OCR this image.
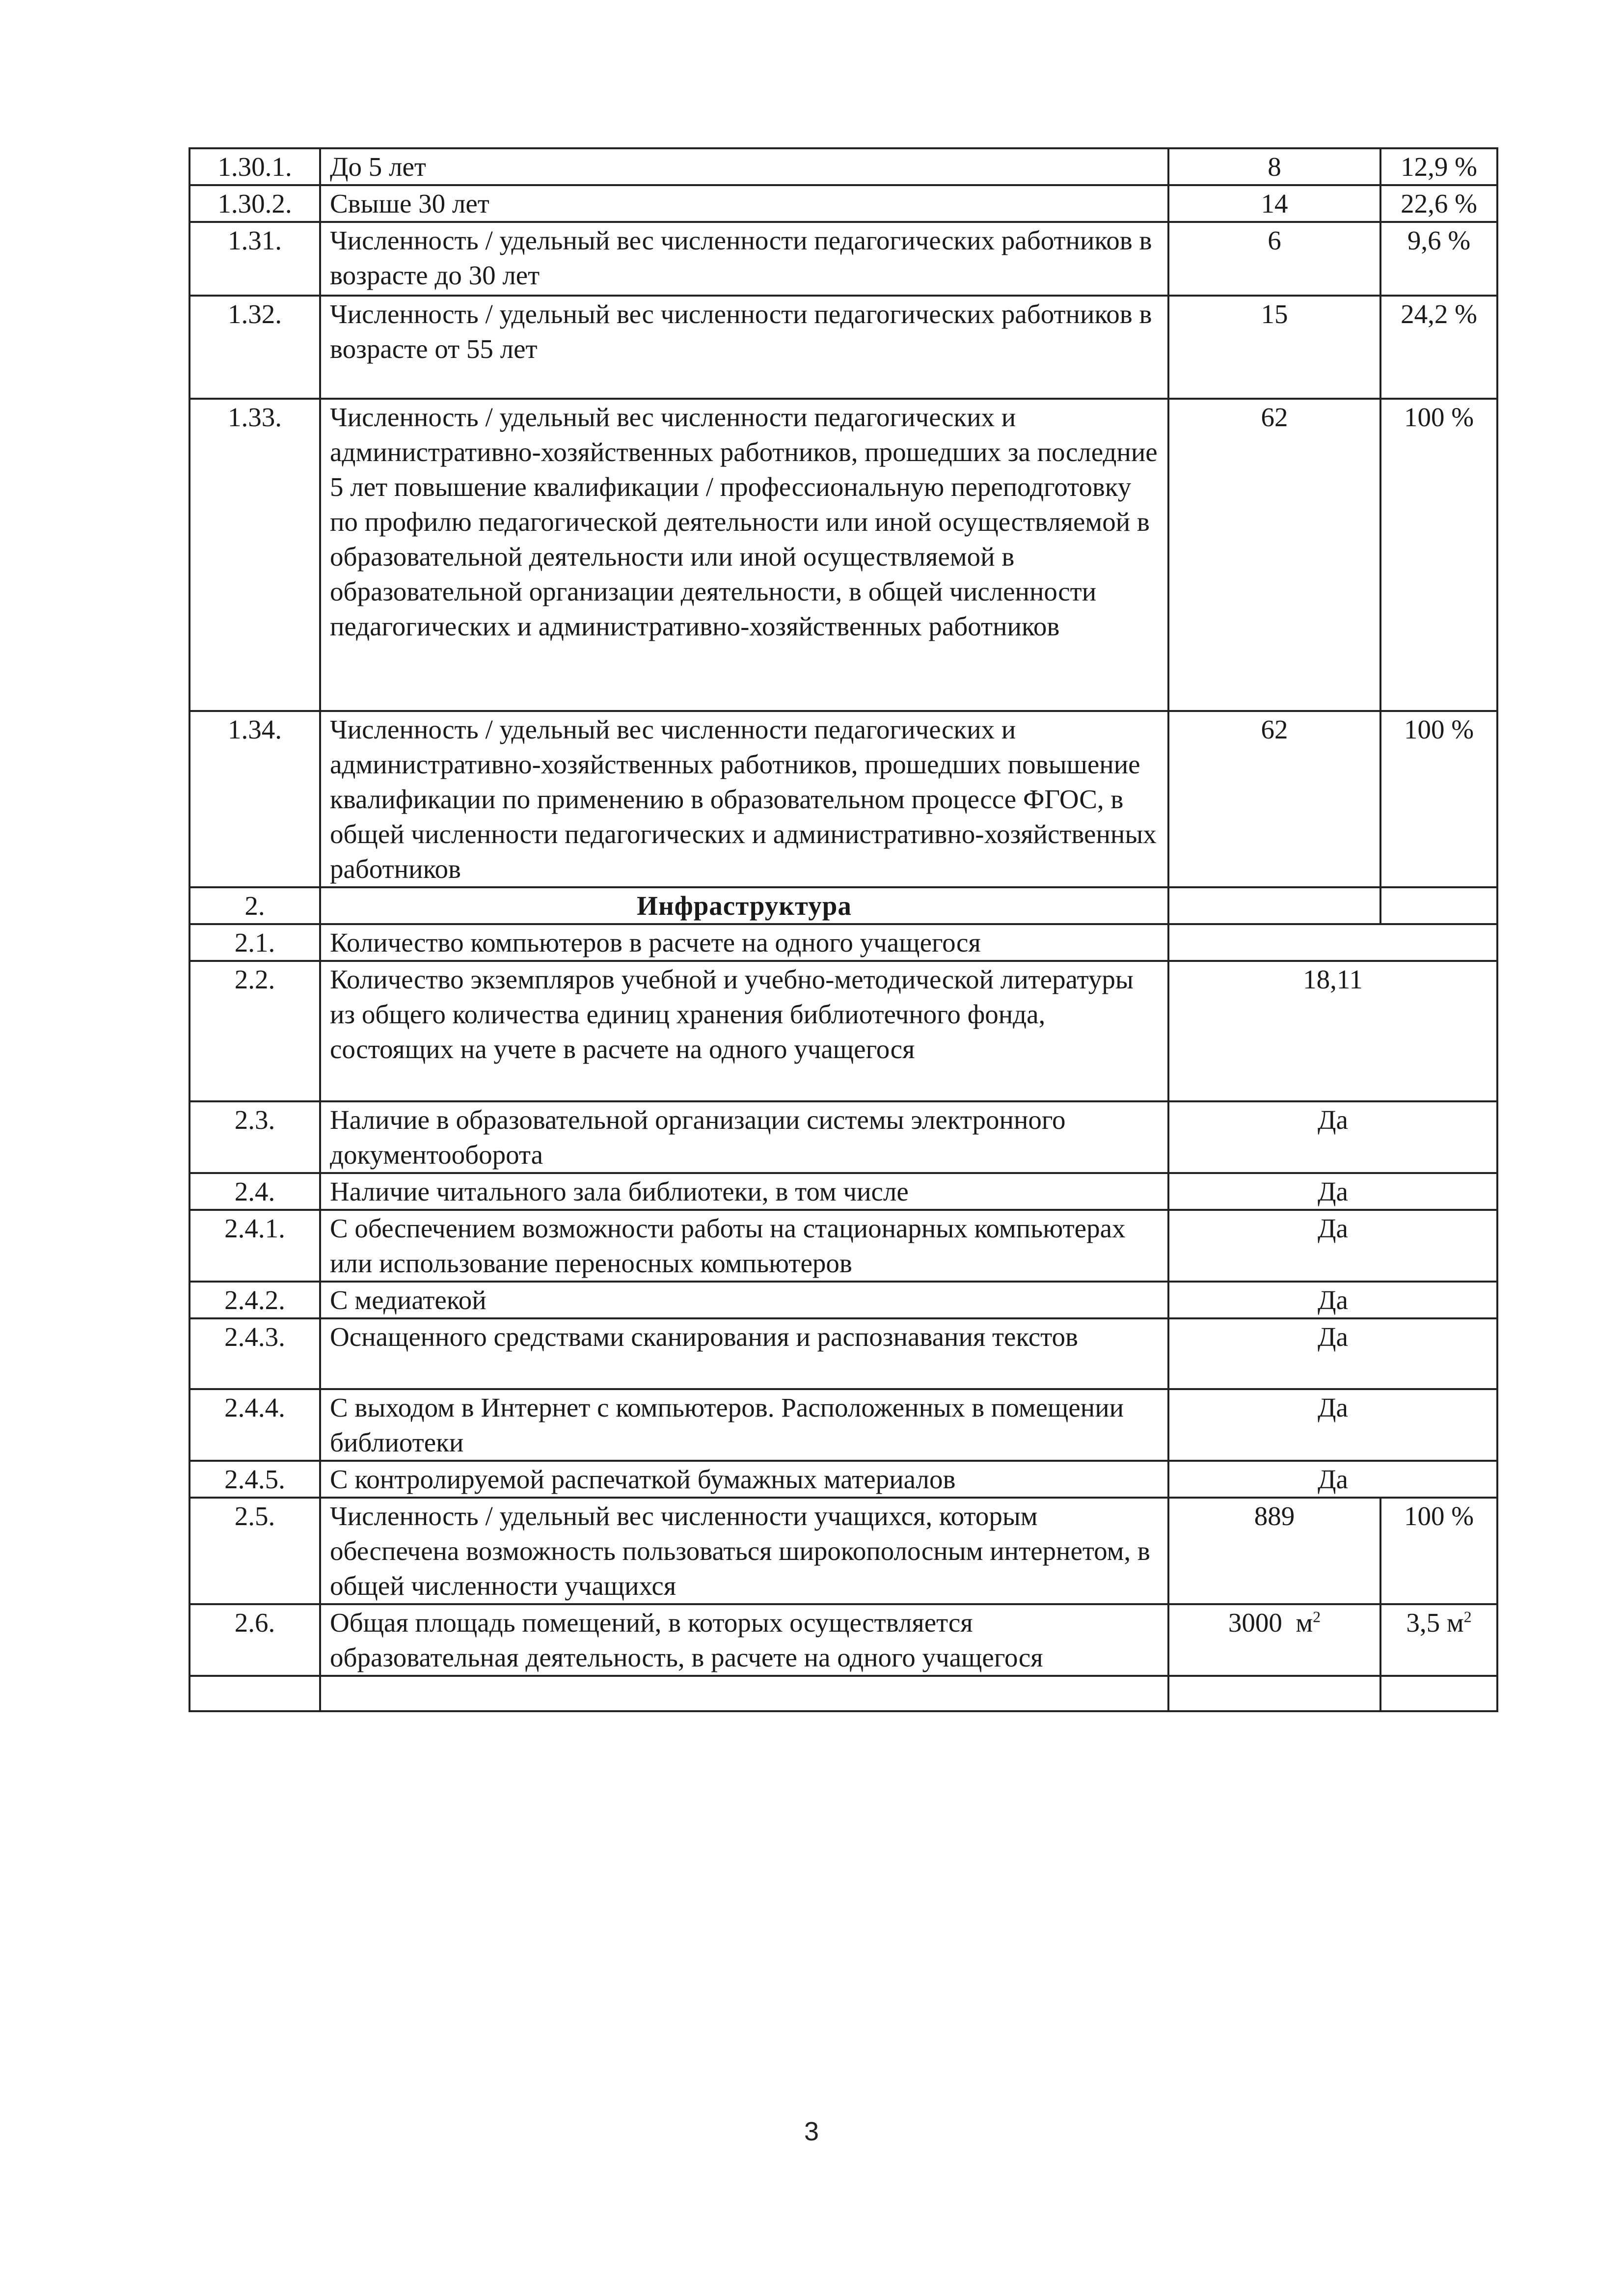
1.30.1.	До 5 лет	8	12,9 %
1.30.2.	Свыше 30 лет	14	22,6 %
1.31.	Численность / удельный вес численности педагогических работников в возрасте до 30 лет	6	9,6 %
1.32.	Численность / удельный вес численности педагогических работников в возрасте от 55 лет	15	24,2 %
1.33.	Численность / удельный вес численности педагогических и административно-хозяйственных работников, прошедших за последние 5 лет повышение квалификации / профессиональную переподготовку по профилю педагогической деятельности или иной осуществляемой в образовательной деятельности или иной осуществляемой в образовательной организации деятельности, в общей численности педагогических и административно-хозяйственных работников	62	100 %
1.34.	Численность / удельный вес численности педагогических и административно-хозяйственных работников, прошедших повышение квалификации по применению в образовательном процессе ФГОС, в общей численности педагогических и административно-хозяйственных работников	62	100 %
2.	Инфраструктура		
2.1.	Количество компьютеров в расчете на одного учащегося		
2.2.	Количество экземпляров учебной и учебно-методической литературы из общего количества единиц хранения библиотечного фонда, состоящих на учете в расчете на одного учащегося	18,11	
2.3.	Наличие в образовательной организации системы электронного документооборота	Да	
2.4.	Наличие читального зала библиотеки, в том числе	Да	
2.4.1.	С обеспечением возможности работы на стационарных компьютерах или использование переносных компьютеров	Да	
2.4.2.	С медиатекой	Да	
2.4.3.	Оснащенного средствами сканирования и распознавания текстов	Да	
2.4.4.	С выходом в Интернет с компьютеров. Расположенных в помещении библиотеки	Да	
2.4.5.	С контролируемой распечаткой бумажных материалов	Да	
2.5.	Численность / удельный вес численности учащихся, которым обеспечена возможность пользоваться широкополосным интернетом, в общей численности учащихся	889	100 %
2.6.	Общая площадь помещений, в которых осуществляется образовательная деятельность, в расчете на одного учащегося	3000 $м^2$	3,5 $м^2$

3
